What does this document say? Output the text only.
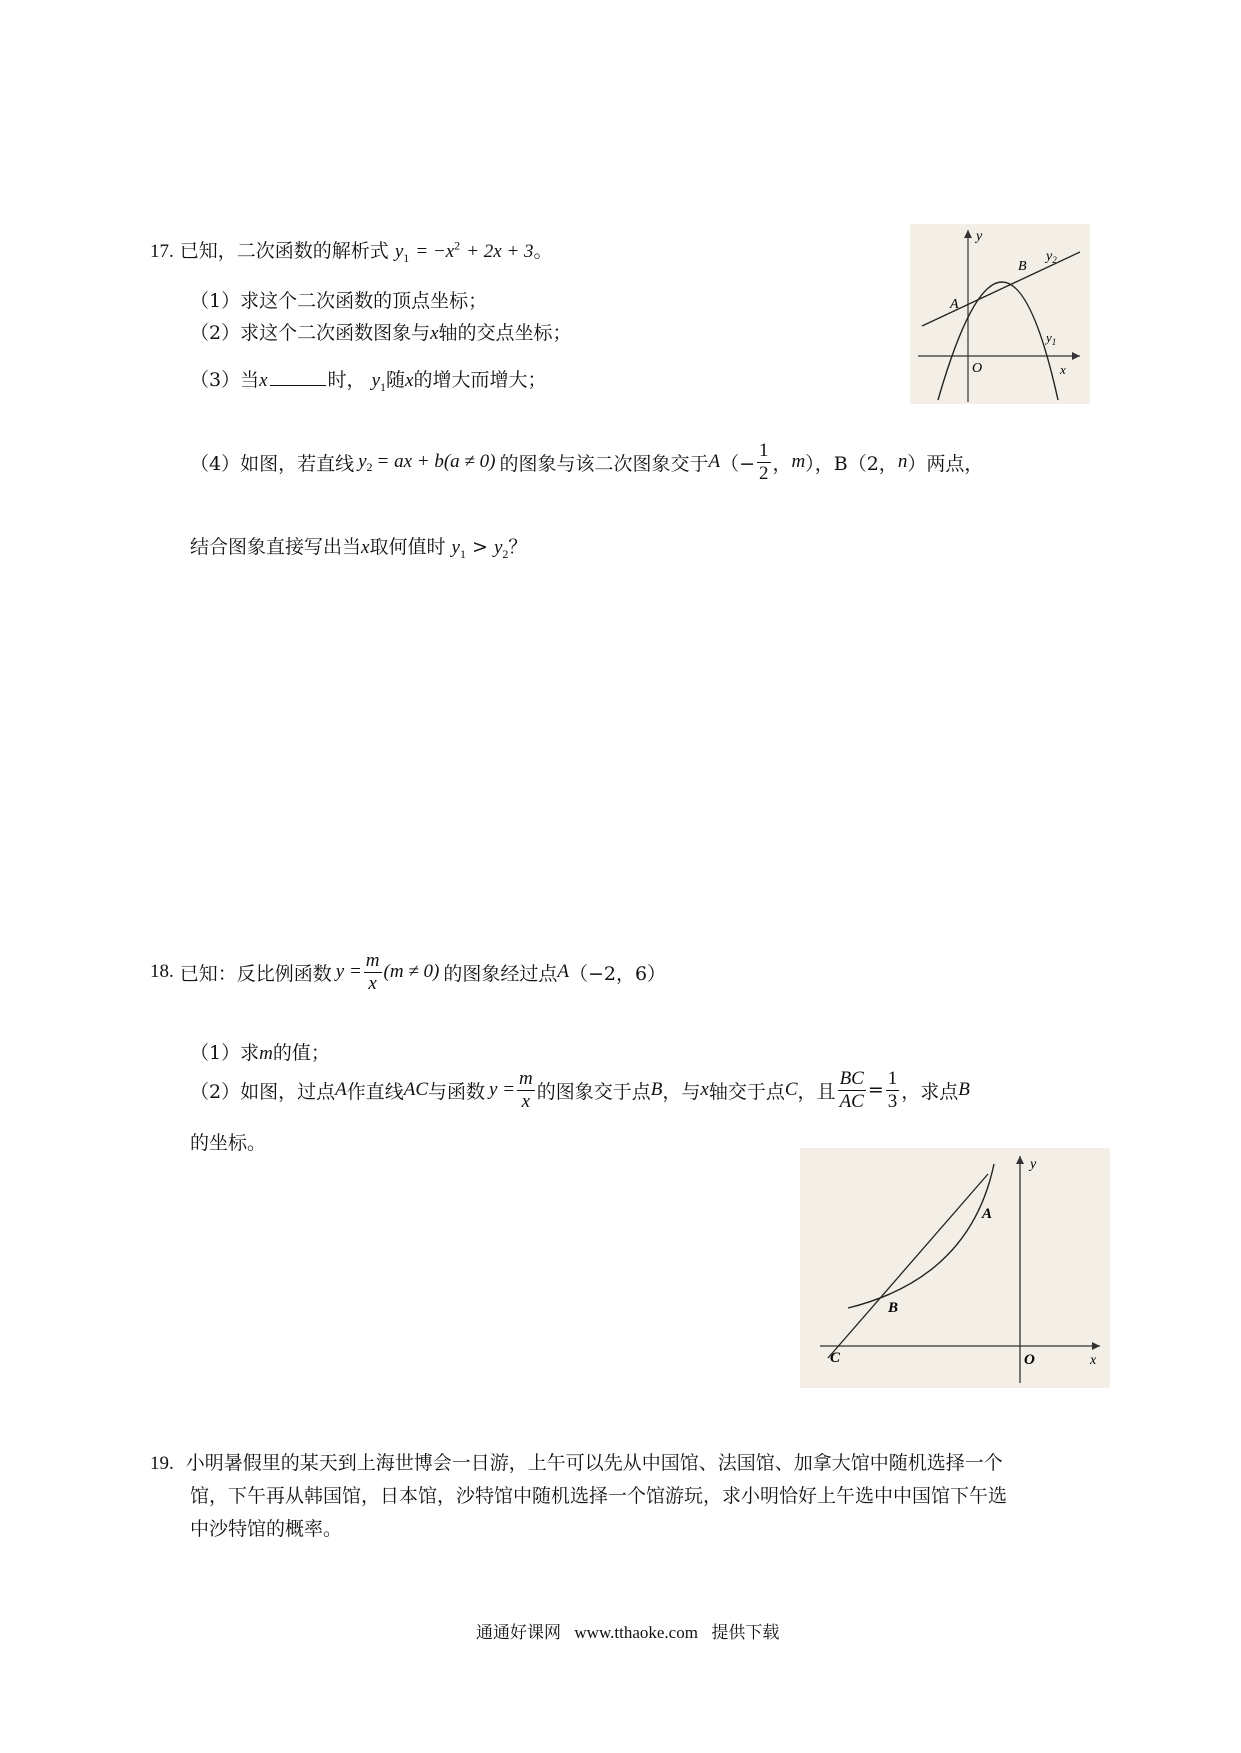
17. 已知，二次函数的解析式 $y_1 = -x^2 + 2x + 3$。
（1）求这个二次函数的顶点坐标；
（2）求这个二次函数图象与x轴的交点坐标；
（3）当x	时， $y_1$随x的增大而增大；
（4）如图，若直线 $y_2$ = ax + b(a ≠ 0) 的图象与该二次图象交于 A （− $\frac{1}{2}$ ， m ），B（2， n ）两点，
结合图象直接写出当x取何值时 $y_1 > y_2$？
y
x
O
A
B
$y_2$
$y_1$
18. 已知：反比例函数 $y = \frac{m}{x} (m \ne 0)$ 的图象经过点 A （−2，6）
（1）求m的值；
（2）如图，过点 A 作直线 AC 与函数 $y = \frac{m}{x}$ 的图象交于点 B ，与 x 轴交于点 C ，且 $\frac{BC}{AC} = \frac{1}{3}$ ，求点 B
的坐标。
y
x
O
A
B
C
19. 小明暑假里的某天到上海世博会一日游，上午可以先从中国馆、法国馆、加拿大馆中随机选择一个
馆，下午再从韩国馆，日本馆，沙特馆中随机选择一个馆游玩，求小明恰好上午选中中国馆下午选
中沙特馆的概率。
通通好课网 www.tthaoke.com 提供下载
